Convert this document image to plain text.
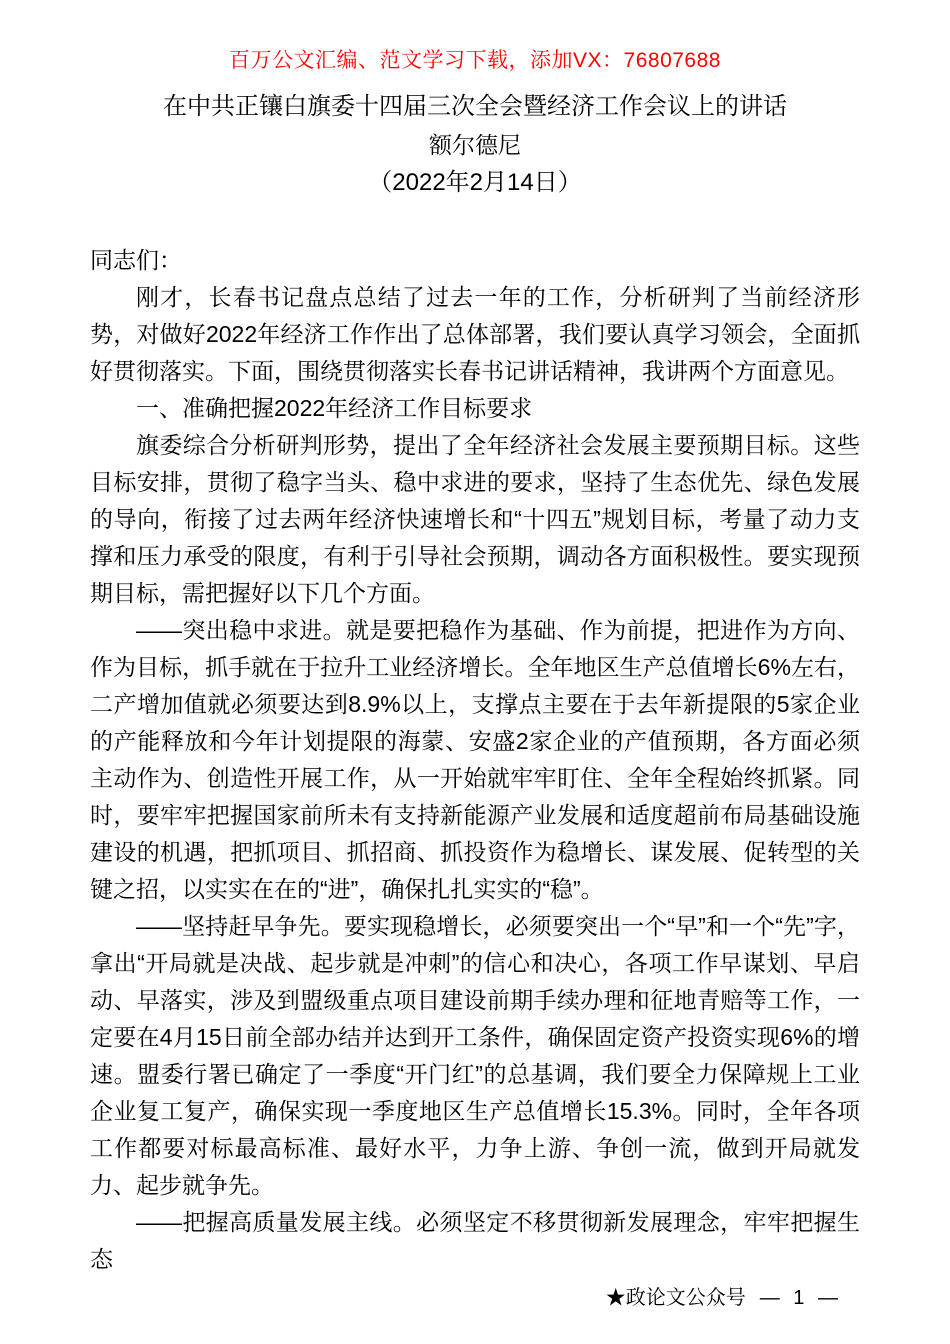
百万公文汇编、范文学习下载，添加VX：76807688
在中共正镶白旗委十四届三次全会暨经济工作会议上的讲话
额尔德尼
（2022年2月14日）

同志们：

刚才，长春书记盘点总结了过去一年的工作，分析研判了当前经济形势，对做好2022年经济工作作出了总体部署，我们要认真学习领会，全面抓好贯彻落实。下面，围绕贯彻落实长春书记讲话精神，我讲两个方面意见。

一、准确把握2022年经济工作目标要求

旗委综合分析研判形势，提出了全年经济社会发展主要预期目标。这些目标安排，贯彻了稳字当头、稳中求进的要求，坚持了生态优先、绿色发展的导向，衔接了过去两年经济快速增长和“十四五”规划目标，考量了动力支撑和压力承受的限度，有利于引导社会预期，调动各方面积极性。要实现预期目标，需把握好以下几个方面。

——突出稳中求进。就是要把稳作为基础、作为前提，把进作为方向、作为目标，抓手就在于拉升工业经济增长。全年地区生产总值增长6%左右，二产增加值就必须要达到8.9%以上，支撑点主要在于去年新提限的5家企业的产能释放和今年计划提限的海蒙、安盛2家企业的产值预期，各方面必须主动作为、创造性开展工作，从一开始就牢牢盯住、全年全程始终抓紧。同时，要牢牢把握国家前所未有支持新能源产业发展和适度超前布局基础设施建设的机遇，把抓项目、抓招商、抓投资作为稳增长、谋发展、促转型的关键之招，以实实在在的“进”，确保扎扎实实的“稳”。

——坚持赶早争先。要实现稳增长，必须要突出一个“早”和一个“先”字，拿出“开局就是决战、起步就是冲刺”的信心和决心，各项工作早谋划、早启动、早落实，涉及到盟级重点项目建设前期手续办理和征地青赔等工作，一定要在4月15日前全部办结并达到开工条件，确保固定资产投资实现6%的增速。盟委行署已确定了一季度“开门红”的总基调，我们要全力保障规上工业企业复工复产，确保实现一季度地区生产总值增长15.3%。同时，全年各项工作都要对标最高标准、最好水平，力争上游、争创一流，做到开局就发力、起步就争先。

——把握高质量发展主线。必须坚定不移贯彻新发展理念，牢牢把握生态

★政论文公众号 — 1 —
